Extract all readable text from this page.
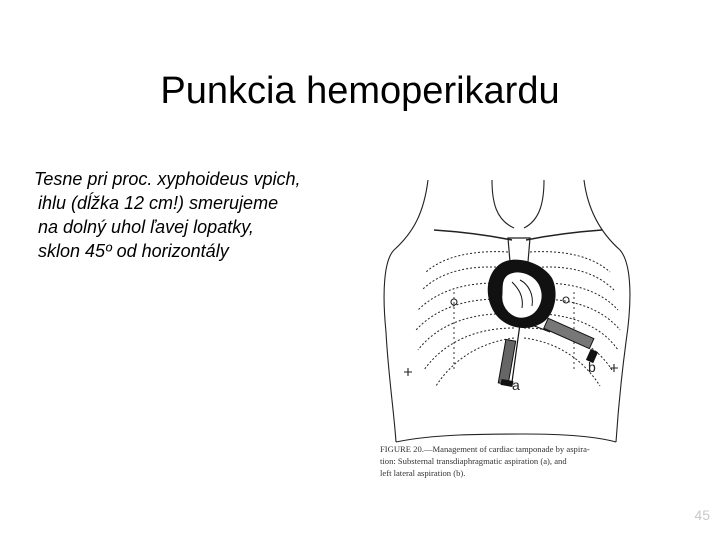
Punkcia hemoperikardu
Tesne pri proc. xyphoideus vpich,
ihlu (dĺžka 12 cm!) smerujeme
na dolný uhol ľavej lopatky,
sklon 45º od horizontály
a
b
FIGURE 20.—Management of cardiac tamponade by aspira-
tion: Substernal transdiaphragmatic aspiration (a), and
left lateral aspiration (b).
45
